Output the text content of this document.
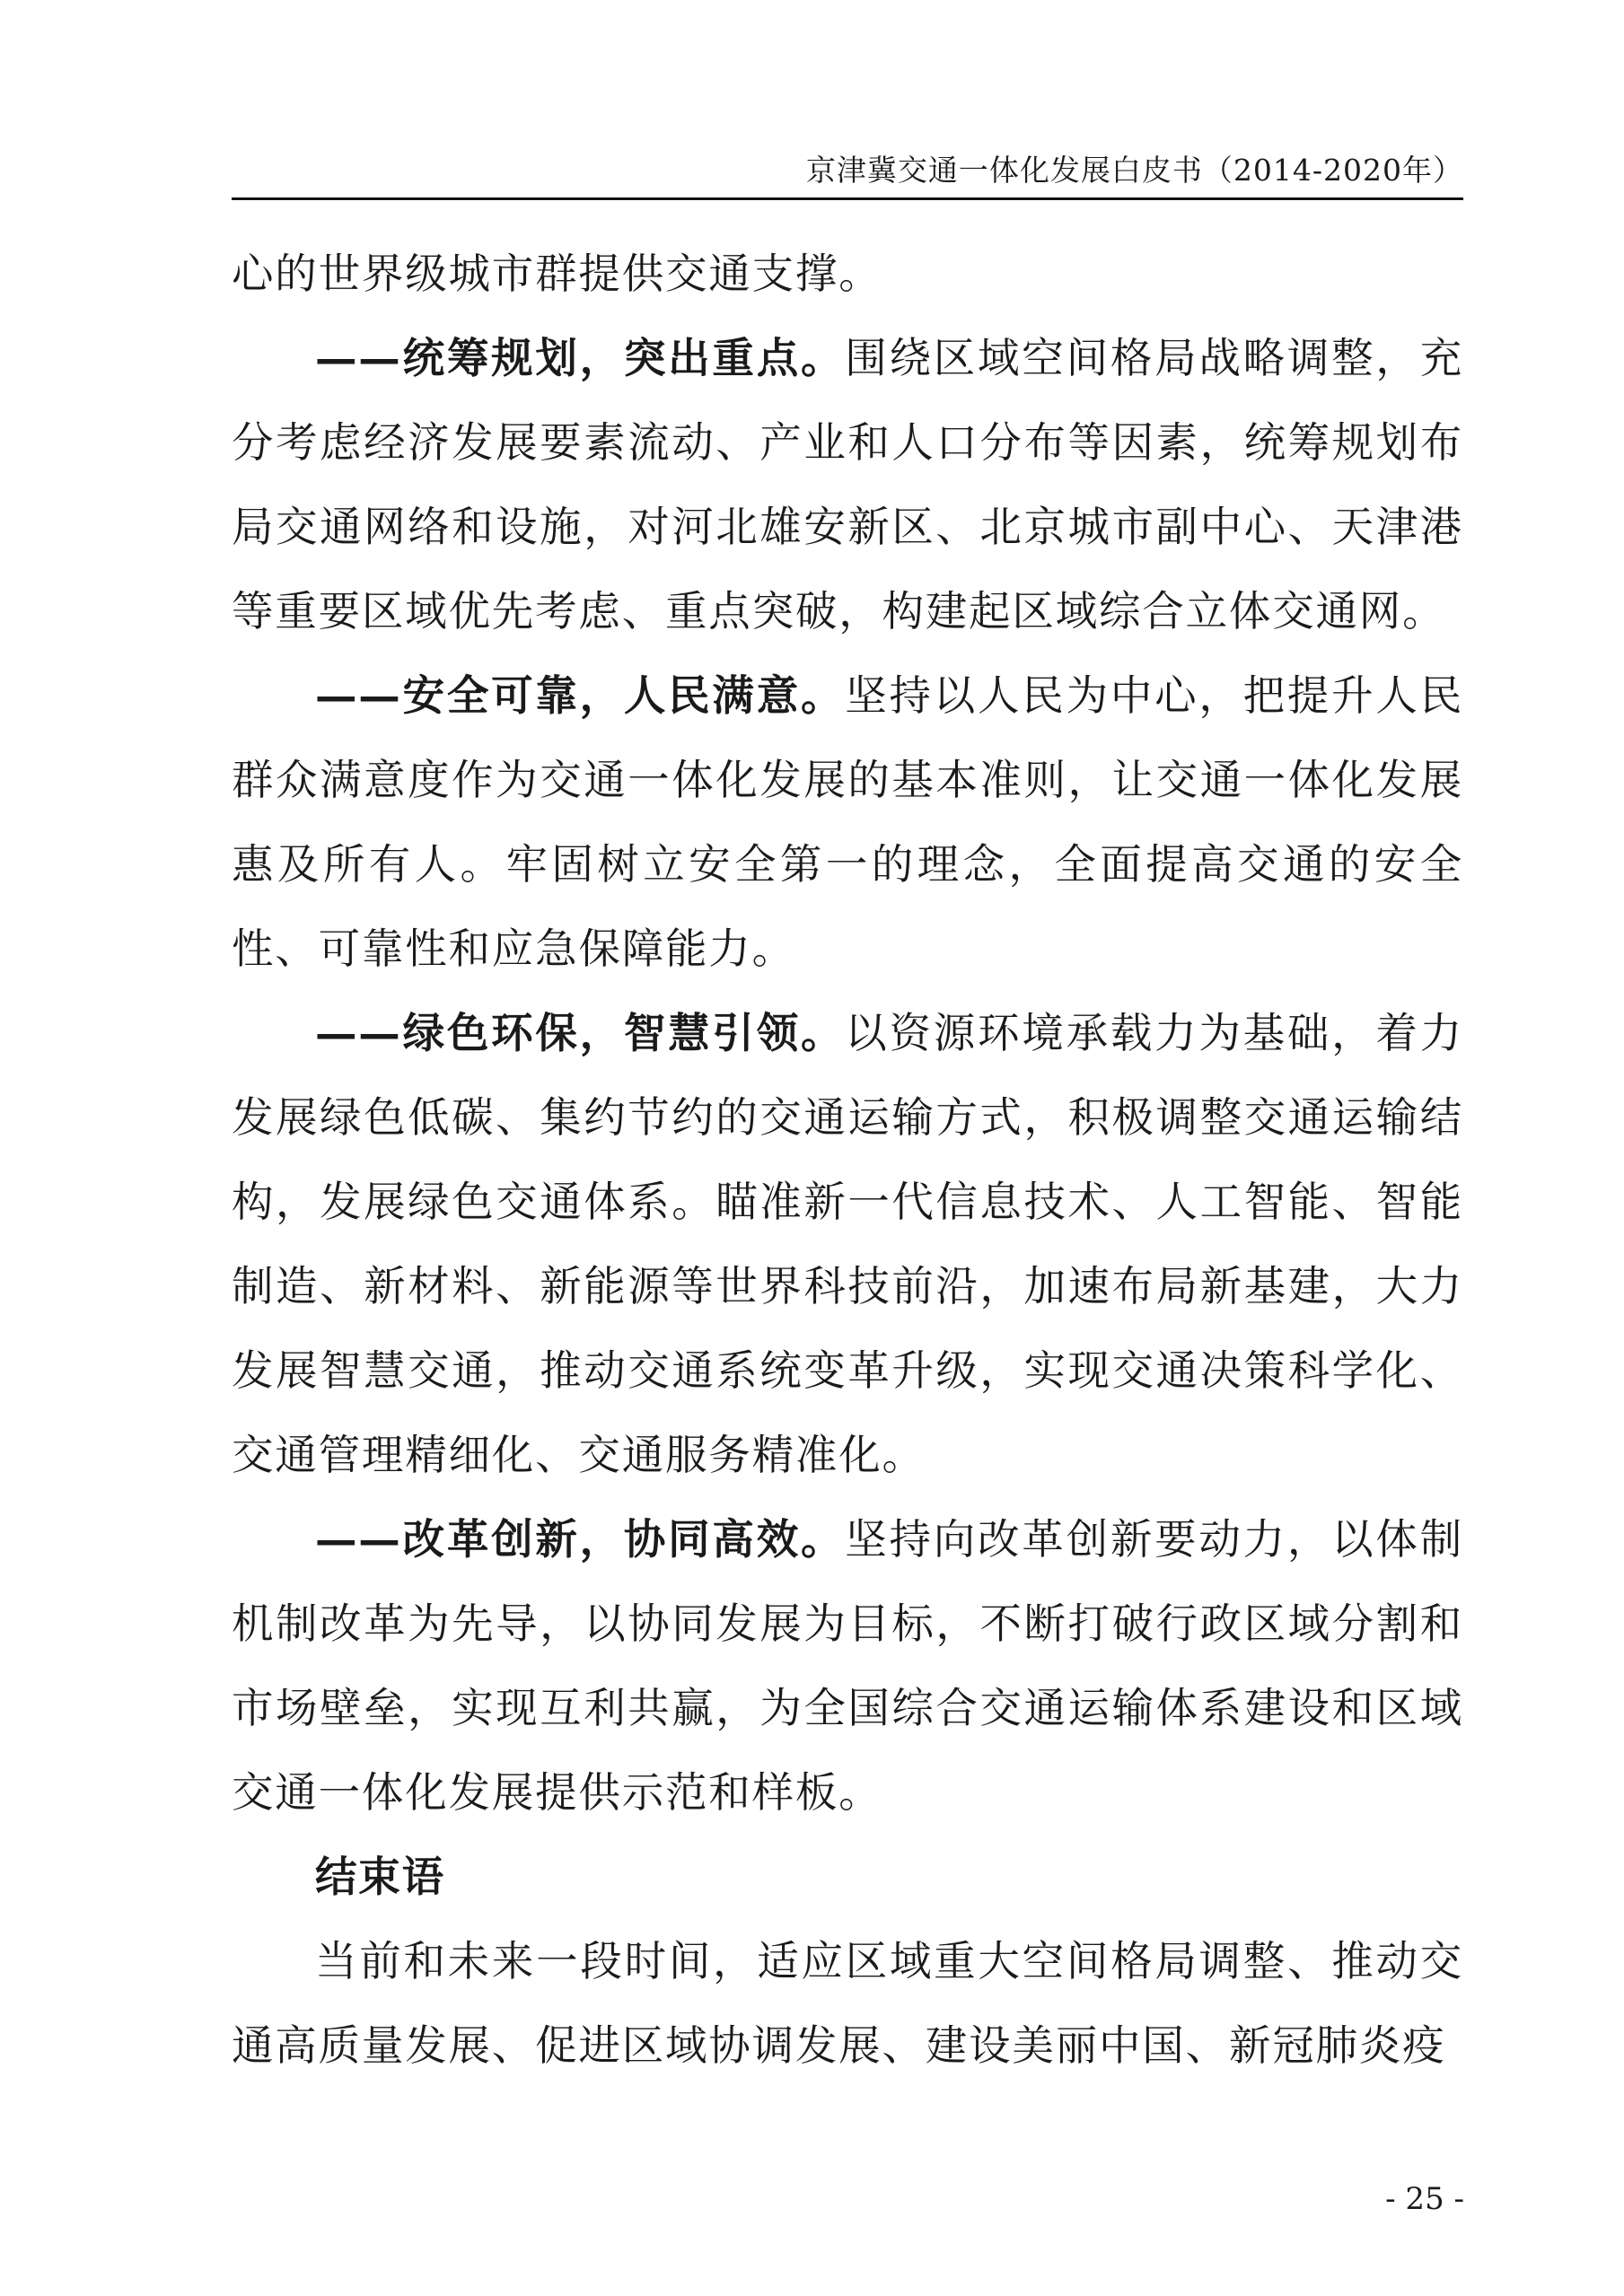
京津冀交通一体化发展白皮书（2014-2020年）

心的世界级城市群提供交通支撑。

——统筹规划，突出重点。围绕区域空间格局战略调整，充分考虑经济发展要素流动、产业和人口分布等因素，统筹规划布局交通网络和设施，对河北雄安新区、北京城市副中心、天津港等重要区域优先考虑、重点突破，构建起区域综合立体交通网。

——安全可靠，人民满意。坚持以人民为中心，把提升人民群众满意度作为交通一体化发展的基本准则，让交通一体化发展惠及所有人。牢固树立安全第一的理念，全面提高交通的安全性、可靠性和应急保障能力。

——绿色环保，智慧引领。以资源环境承载力为基础，着力发展绿色低碳、集约节约的交通运输方式，积极调整交通运输结构，发展绿色交通体系。瞄准新一代信息技术、人工智能、智能制造、新材料、新能源等世界科技前沿，加速布局新基建，大力发展智慧交通，推动交通系统变革升级，实现交通决策科学化、交通管理精细化、交通服务精准化。

——改革创新，协同高效。坚持向改革创新要动力，以体制机制改革为先导，以协同发展为目标，不断打破行政区域分割和市场壁垒，实现互利共赢，为全国综合交通运输体系建设和区域交通一体化发展提供示范和样板。

结束语

当前和未来一段时间，适应区域重大空间格局调整、推动交通高质量发展、促进区域协调发展、建设美丽中国、新冠肺炎疫

- 25 -
